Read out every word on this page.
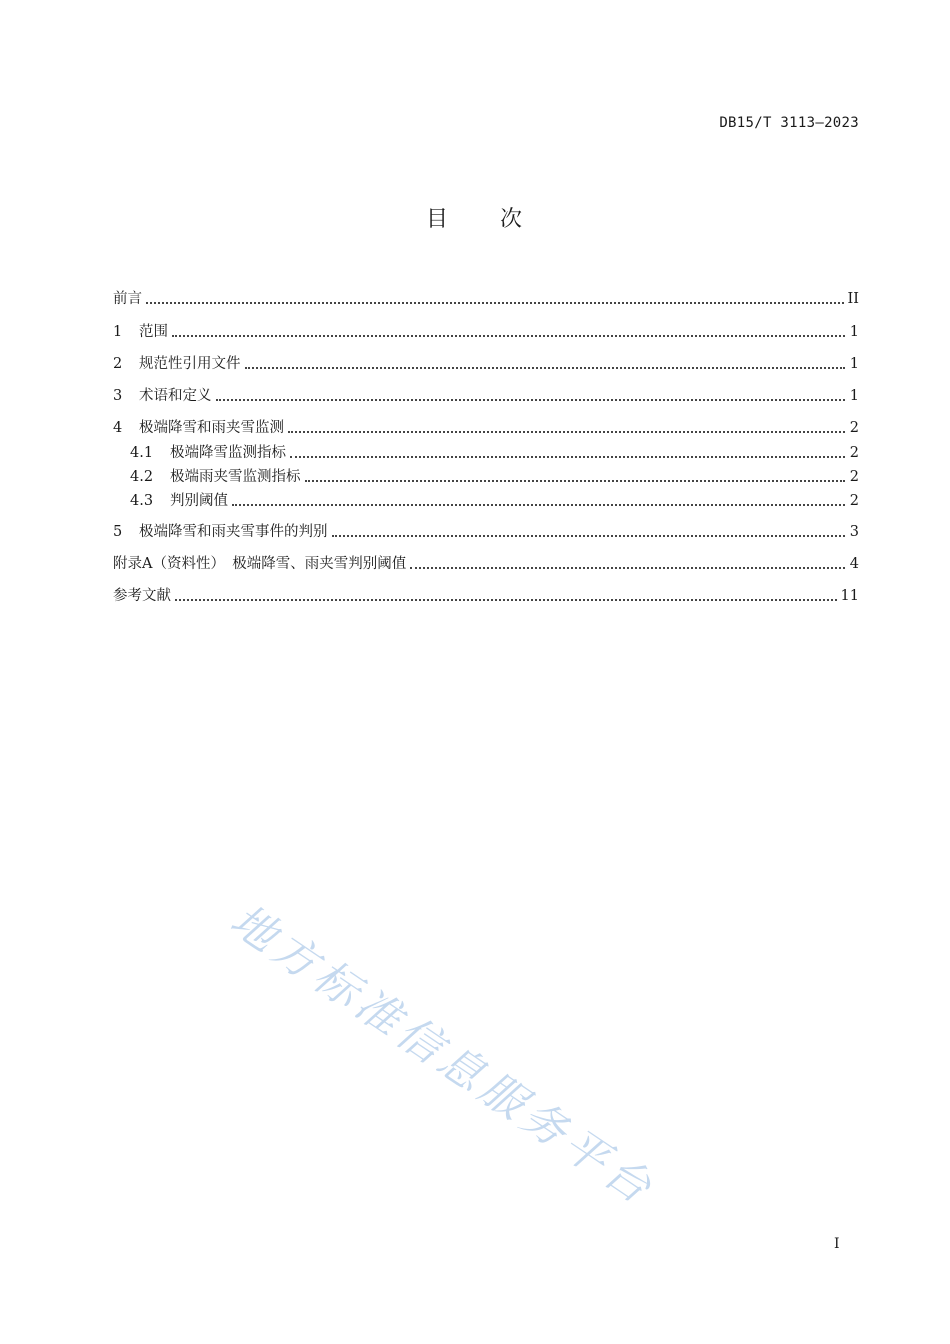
DB15/T 3113—2023
目 次
前言	II
1	范围	1
2	规范性引用文件	1
3	术语和定义	1
4	极端降雪和雨夹雪监测	2
4.1	极端降雪监测指标	2
4.2	极端雨夹雪监测指标	2
4.3	判别阈值	2
5	极端降雪和雨夹雪事件的判别	3
附录A（资料性）　极端降雪、雨夹雪判别阈值	4
参考文献	11
地方标准信息服务平台
I
